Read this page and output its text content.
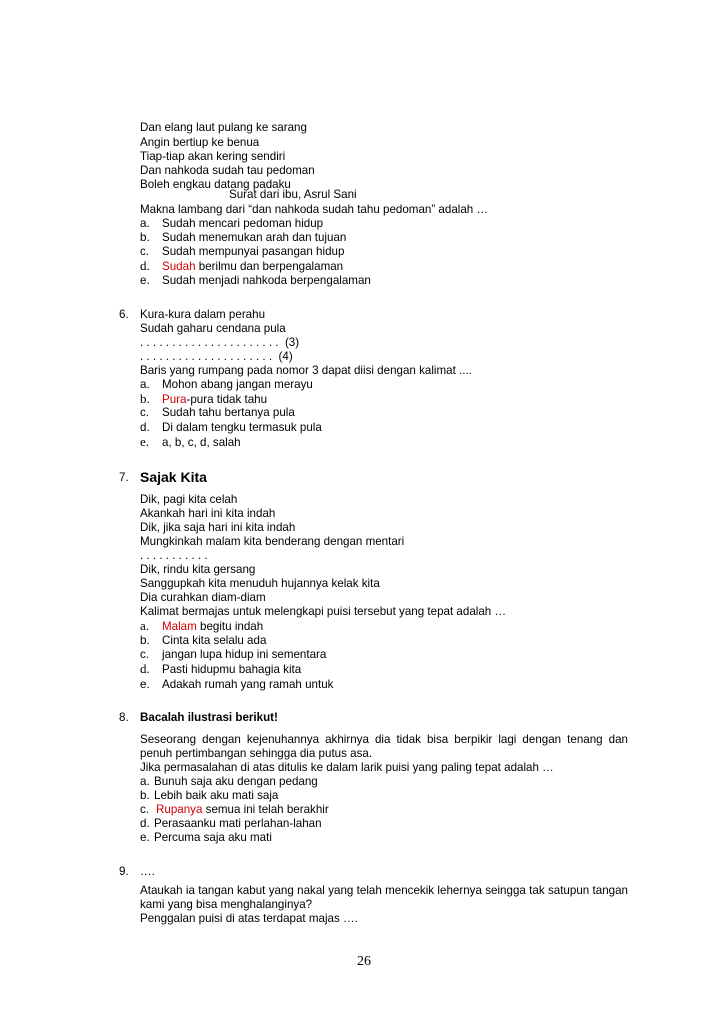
Dan elang laut pulang ke sarang
Angin bertiup ke benua
Tiap-tiap akan kering sendiri
Dan nahkoda sudah tau pedoman
Boleh engkau datang padaku
Surat dari ibu, Asrul Sani
Makna lambang dari “dan nahkoda sudah tahu pedoman” adalah …
a. Sudah mencari pedoman hidup
b. Sudah menemukan arah dan tujuan
c. Sudah mempunyai pasangan hidup
d. Sudah berilmu dan berpengalaman
e. Sudah menjadi nahkoda berpengalaman
6. Kura-kura dalam perahu
Sudah gaharu cendana pula
. . . . . . . . . . . . . . . . . . . . . .  (3)
. . . . . . . . . . . . . . . . . . . . .  (4)
Baris yang rumpang pada nomor 3 dapat diisi dengan kalimat ....
a. Mohon abang jangan merayu
b. Pura-pura tidak tahu
c. Sudah tahu bertanya pula
d. Di dalam tengku termasuk pula
e. a, b, c, d, salah
7. Sajak Kita
Dik, pagi kita celah
Akankah hari ini kita indah
Dik, jika saja hari ini kita indah
Mungkinkah malam kita benderang dengan mentari
. . . . . . . . . . .
Dik, rindu kita gersang
Sanggupkah kita menuduh hujannya kelak kita
Dia curahkan diam-diam
Kalimat bermajas untuk melengkapi puisi tersebut yang tepat adalah …
a. Malam begitu indah
b. Cinta kita selalu ada
c. jangan lupa hidup ini sementara
d. Pasti hidupmu bahagia kita
e. Adakah rumah yang ramah untuk
8. Bacalah ilustrasi berikut!
Seseorang dengan kejenuhannya akhirnya dia tidak bisa berpikir lagi dengan tenang dan penuh pertimbangan sehingga dia putus asa.
Jika permasalahan di atas ditulis ke dalam larik puisi yang paling tepat adalah …
a. Bunuh saja aku dengan pedang
b. Lebih baik aku mati saja
c. Rupanya semua ini telah berakhir
d. Perasaanku mati perlahan-lahan
e. Percuma saja aku mati
9. ….
Ataukah ia tangan kabut yang nakal yang telah mencekik lehernya seingga tak satupun tangan kami yang bisa menghalanginya?
Penggalan puisi di atas terdapat majas ….
26
